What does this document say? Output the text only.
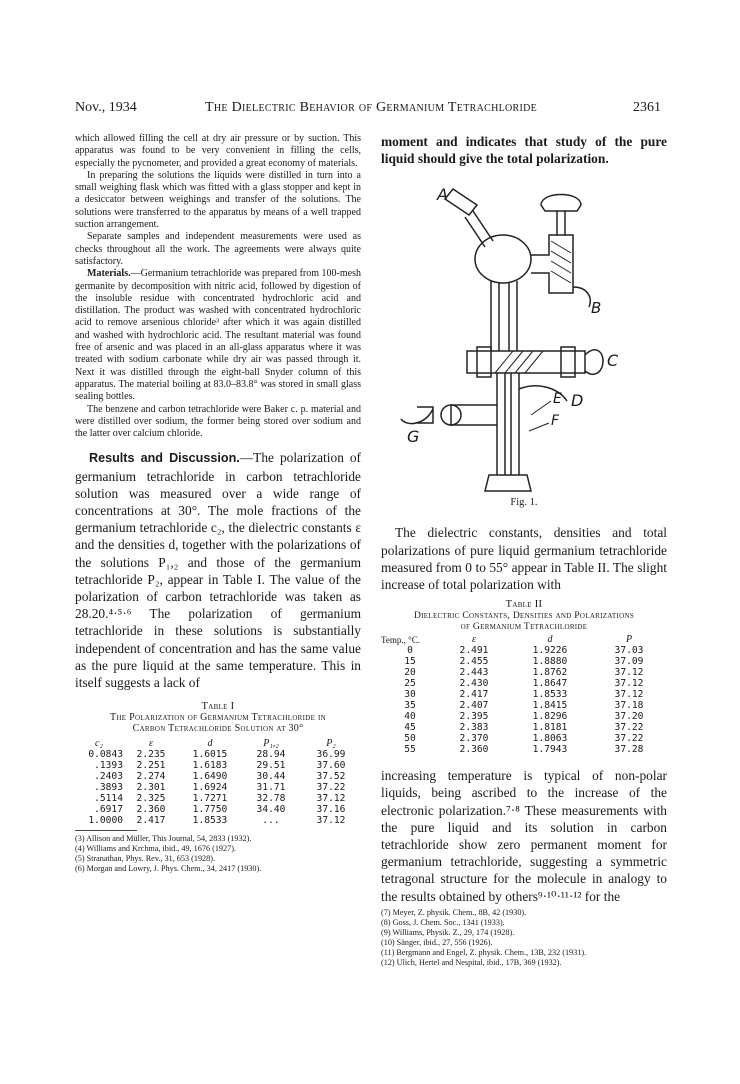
Nov., 1934	The Dielectric Behavior of Germanium Tetrachloride	2361

which allowed filling the cell at dry air pressure or by suction. This apparatus was found to be very convenient in filling the cells, especially the pycnometer, and provided a great economy of materials.

In preparing the solutions the liquids were distilled in turn into a small weighing flask which was fitted with a glass stopper and kept in a desiccator between weighings and transfer of the solutions. The solutions were transferred to the apparatus by means of a well trapped suction arrangement.

Separate samples and independent measurements were used as checks throughout all the work. The agreements were always quite satisfactory.

Materials.—Germanium tetrachloride was prepared from 100-mesh germanite by decomposition with nitric acid, followed by digestion of the insoluble residue with concentrated hydrochloric acid and distillation. The product was washed with concentrated hydrochloric acid to remove arsenious chloride³ after which it was again distilled and washed with hydrochloric acid. The resultant material was found free of arsenic and was placed in an all-glass apparatus where it was treated with sodium carbonate while dry air was passed through it. Next it was distilled through the eight-ball Snyder column of this apparatus. The material boiling at 83.0–83.8° was stored in small glass sealing bottles.

The benzene and carbon tetrachloride were Baker c. p. material and were distilled over sodium, the former being stored over sodium and the latter over calcium chloride.

Results and Discussion.—The polarization of germanium tetrachloride in carbon tetrachloride solution was measured over a wide range of concentrations at 30°. The mole fractions of the germanium tetrachloride c₂, the dielectric constants ε and the densities d, together with the polarizations of the solutions P₁,₂ and those of the germanium tetrachloride P₂, appear in Table I. The value of the polarization of carbon tetrachloride was taken as 28.20.⁴·⁵·⁶ The polarization of germanium tetrachloride in these solutions is substantially independent of concentration and has the same value as the pure liquid at the same temperature. This in itself suggests a lack of

Table I
The Polarization of Germanium Tetrachloride in
Carbon Tetrachloride Solution at 30°
c₂	ε	d	P₁,₂	P₂
0.0843	2.235	1.6015	28.94	36.99
.1393	2.251	1.6183	29.51	37.60
.2403	2.274	1.6490	30.44	37.52
.3893	2.301	1.6924	31.71	37.22
.5114	2.325	1.7271	32.78	37.12
.6917	2.360	1.7750	34.40	37.16
1.0000	2.417	1.8533	...	37.12

(3) Allison and Müller, This Journal, 54, 2833 (1932).

(4) Williams and Krchma, ibid., 49, 1676 (1927).

(5) Stranathan, Phys. Rev., 31, 653 (1928).

(6) Morgan and Lowry, J. Phys. Chem., 34, 2417 (1930).

moment and indicates that study of the pure liquid should give the total polarization.

A
B
C
D
E
F
G
Fig. 1.

The dielectric constants, densities and total polarizations of pure liquid germanium tetrachloride measured from 0 to 55° appear in Table II. The slight increase of total polarization with

Table II
Dielectric Constants, Densities and Polarizations
of Germanium Tetrachloride
Temp., °C.	ε	d	P
0	2.491	1.9226	37.03
15	2.455	1.8880	37.09
20	2.443	1.8762	37.12
25	2.430	1.8647	37.12
30	2.417	1.8533	37.12
35	2.407	1.8415	37.18
40	2.395	1.8296	37.20
45	2.383	1.8181	37.22
50	2.370	1.8063	37.22
55	2.360	1.7943	37.28

increasing temperature is typical of non-polar liquids, being ascribed to the increase of the electronic polarization.⁷·⁸ These measurements with the pure liquid and its solution in carbon tetrachloride show zero permanent moment for germanium tetrachloride, suggesting a symmetric tetragonal structure for the molecule in analogy to the results obtained by others⁹·¹⁰·¹¹·¹² for the

(7) Meyer, Z. physik. Chem., 8B, 42 (1930).

(8) Goss, J. Chem. Soc., 1341 (1933).

(9) Williams, Physik. Z., 29, 174 (1928).

(10) Sänger, ibid., 27, 556 (1926).

(11) Bergmann and Engel, Z. physik. Chem., 13B, 232 (1931).

(12) Ulich, Hertel and Nespital, ibid., 17B, 369 (1932).
